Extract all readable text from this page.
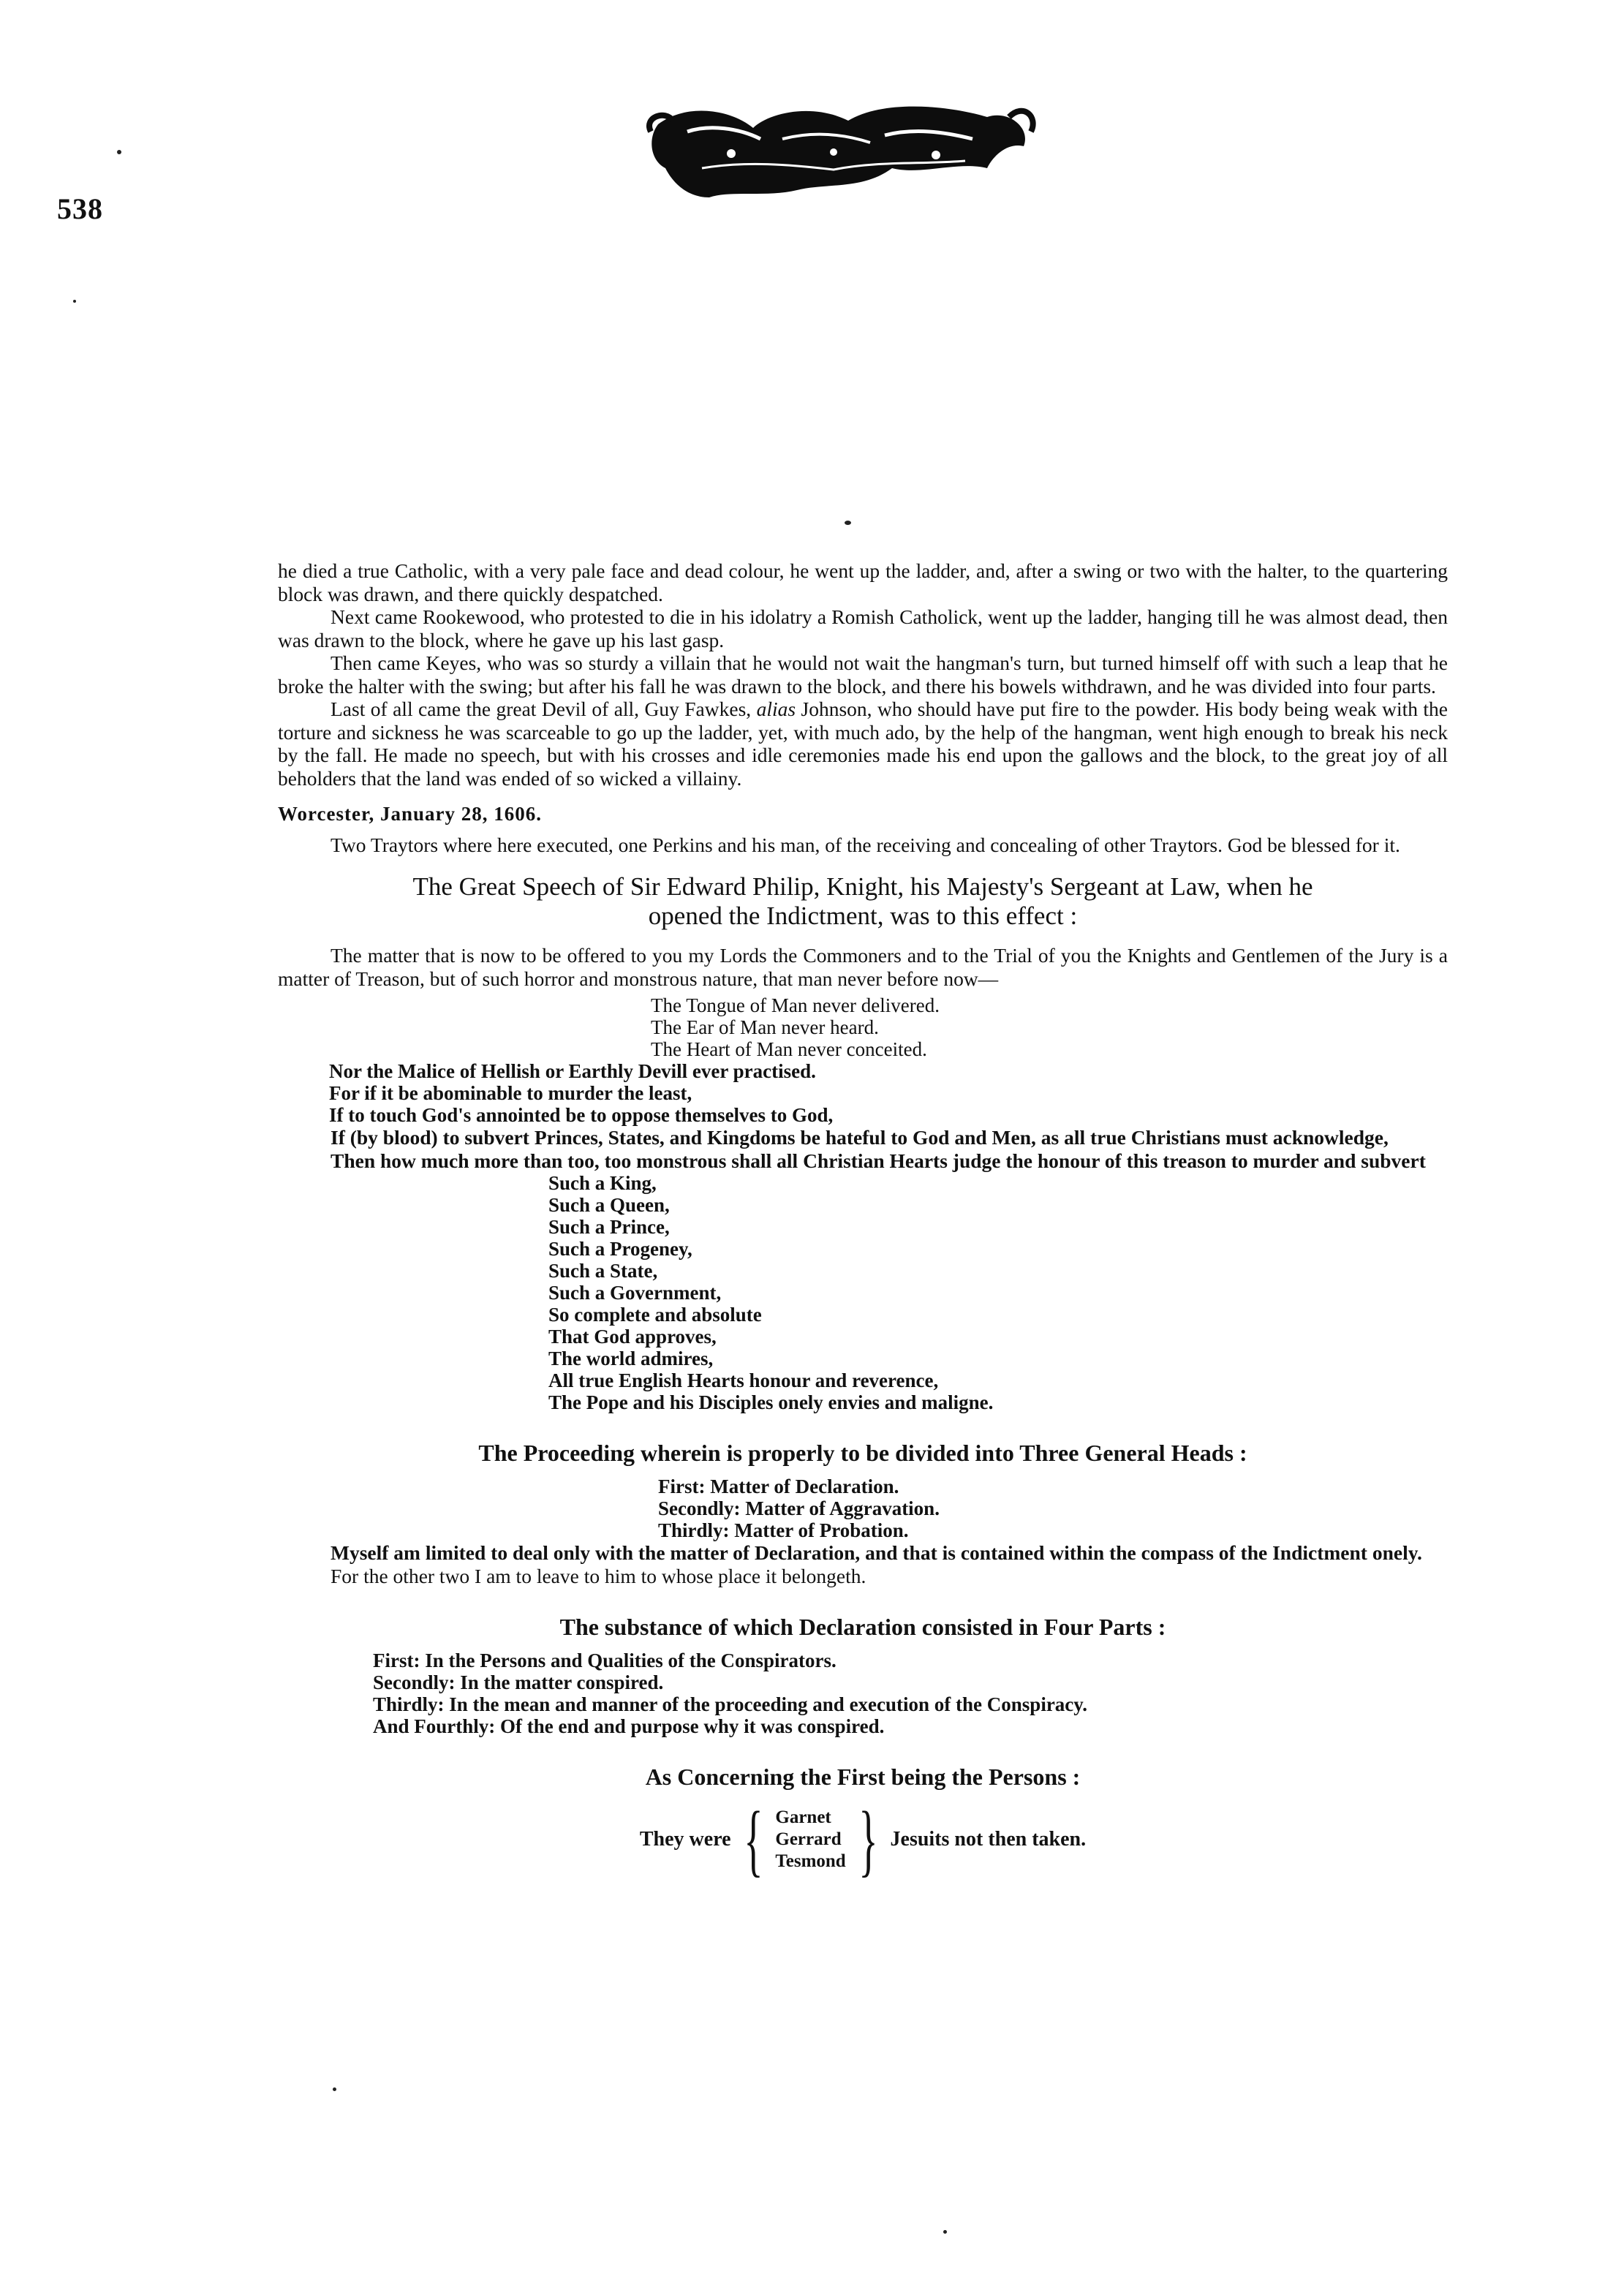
538

he died a true Catholic, with a very pale face and dead colour, he went up the ladder, and, after a swing or two with the halter, to the quartering block was drawn, and there quickly despatched.

Next came Rookewood, who protested to die in his idolatry a Romish Catholick, went up the ladder, hanging till he was almost dead, then was drawn to the block, where he gave up his last gasp.

Then came Keyes, who was so sturdy a villain that he would not wait the hangman's turn, but turned himself off with such a leap that he broke the halter with the swing; but after his fall he was drawn to the block, and there his bowels withdrawn, and he was divided into four parts.

Last of all came the great Devil of all, Guy Fawkes, alias Johnson, who should have put fire to the powder. His body being weak with the torture and sickness he was scarceable to go up the ladder, yet, with much ado, by the help of the hangman, went high enough to break his neck by the fall. He made no speech, but with his crosses and idle ceremonies made his end upon the gallows and the block, to the great joy of all beholders that the land was ended of so wicked a villainy.

Worcester, January 28, 1606.

Two Traytors where here executed, one Perkins and his man, of the receiving and concealing of other Traytors. God be blessed for it.

The Great Speech of Sir Edward Philip, Knight, his Majesty's Sergeant at Law, when he
opened the Indictment, was to this effect :

The matter that is now to be offered to you my Lords the Commoners and to the Trial of you the Knights and Gentlemen of the Jury is a matter of Treason, but of such horror and monstrous nature, that man never before now—

The Tongue of Man never delivered.

The Ear of Man never heard.

The Heart of Man never conceited.

Nor the Malice of Hellish or Earthly Devill ever practised.

For if it be abominable to murder the least,

If to touch God's annointed be to oppose themselves to God,

If (by blood) to subvert Princes, States, and Kingdoms be hateful to God and Men, as all true Christians must acknowledge,

Then how much more than too, too monstrous shall all Christian Hearts judge the honour of this treason to murder and subvert

Such a King,

Such a Queen,

Such a Prince,

Such a Progeney,

Such a State,

Such a Government,

So complete and absolute

That God approves,

The world admires,

All true English Hearts honour and reverence,

The Pope and his Disciples onely envies and maligne.

The Proceeding wherein is properly to be divided into Three General Heads :

First: Matter of Declaration.

Secondly: Matter of Aggravation.

Thirdly: Matter of Probation.

Myself am limited to deal only with the matter of Declaration, and that is contained within the compass of the Indictment onely.

For the other two I am to leave to him to whose place it belongeth.

The substance of which Declaration consisted in Four Parts :

First: In the Persons and Qualities of the Conspirators.

Secondly: In the matter conspired.

Thirdly: In the mean and manner of the proceeding and execution of the Conspiracy.

And Fourthly: Of the end and purpose why it was conspired.

As Concerning the First being the Persons :
They were { Garnet
Gerrard
Tesmond } Jesuits not then taken.
